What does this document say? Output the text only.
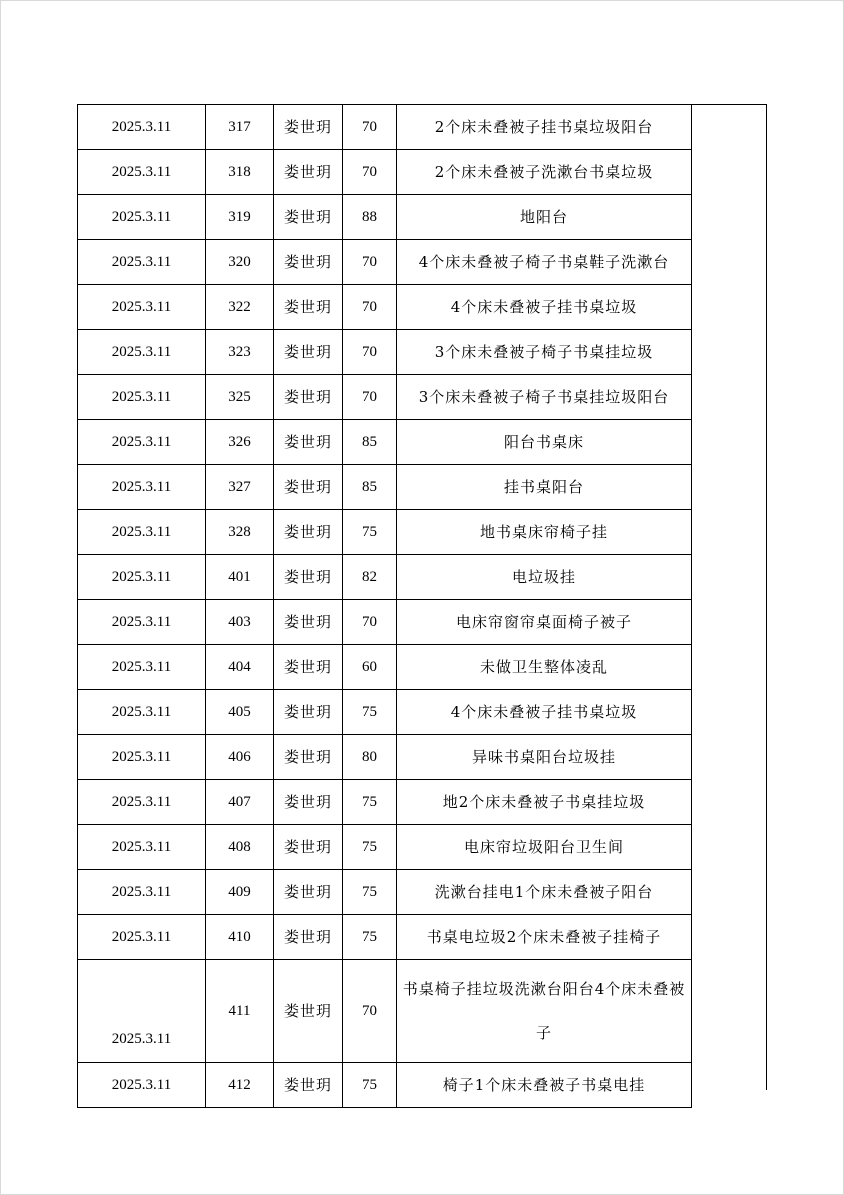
2025.3.11	317	娄世玥	70	2个床未叠被子挂书桌垃圾阳台
2025.3.11	318	娄世玥	70	2个床未叠被子洗漱台书桌垃圾
2025.3.11	319	娄世玥	88	地阳台
2025.3.11	320	娄世玥	70	4个床未叠被子椅子书桌鞋子洗漱台
2025.3.11	322	娄世玥	70	4个床未叠被子挂书桌垃圾
2025.3.11	323	娄世玥	70	3个床未叠被子椅子书桌挂垃圾
2025.3.11	325	娄世玥	70	3个床未叠被子椅子书桌挂垃圾阳台
2025.3.11	326	娄世玥	85	阳台书桌床
2025.3.11	327	娄世玥	85	挂书桌阳台
2025.3.11	328	娄世玥	75	地书桌床帘椅子挂
2025.3.11	401	娄世玥	82	电垃圾挂
2025.3.11	403	娄世玥	70	电床帘窗帘桌面椅子被子
2025.3.11	404	娄世玥	60	未做卫生整体凌乱
2025.3.11	405	娄世玥	75	4个床未叠被子挂书桌垃圾
2025.3.11	406	娄世玥	80	异味书桌阳台垃圾挂
2025.3.11	407	娄世玥	75	地2个床未叠被子书桌挂垃圾
2025.3.11	408	娄世玥	75	电床帘垃圾阳台卫生间
2025.3.11	409	娄世玥	75	洗漱台挂电1个床未叠被子阳台
2025.3.11	410	娄世玥	75	书桌电垃圾2个床未叠被子挂椅子
2025.3.11	411	娄世玥	70	书桌椅子挂垃圾洗漱台阳台4个床未叠被子
2025.3.11	412	娄世玥	75	椅子1个床未叠被子书桌电挂
